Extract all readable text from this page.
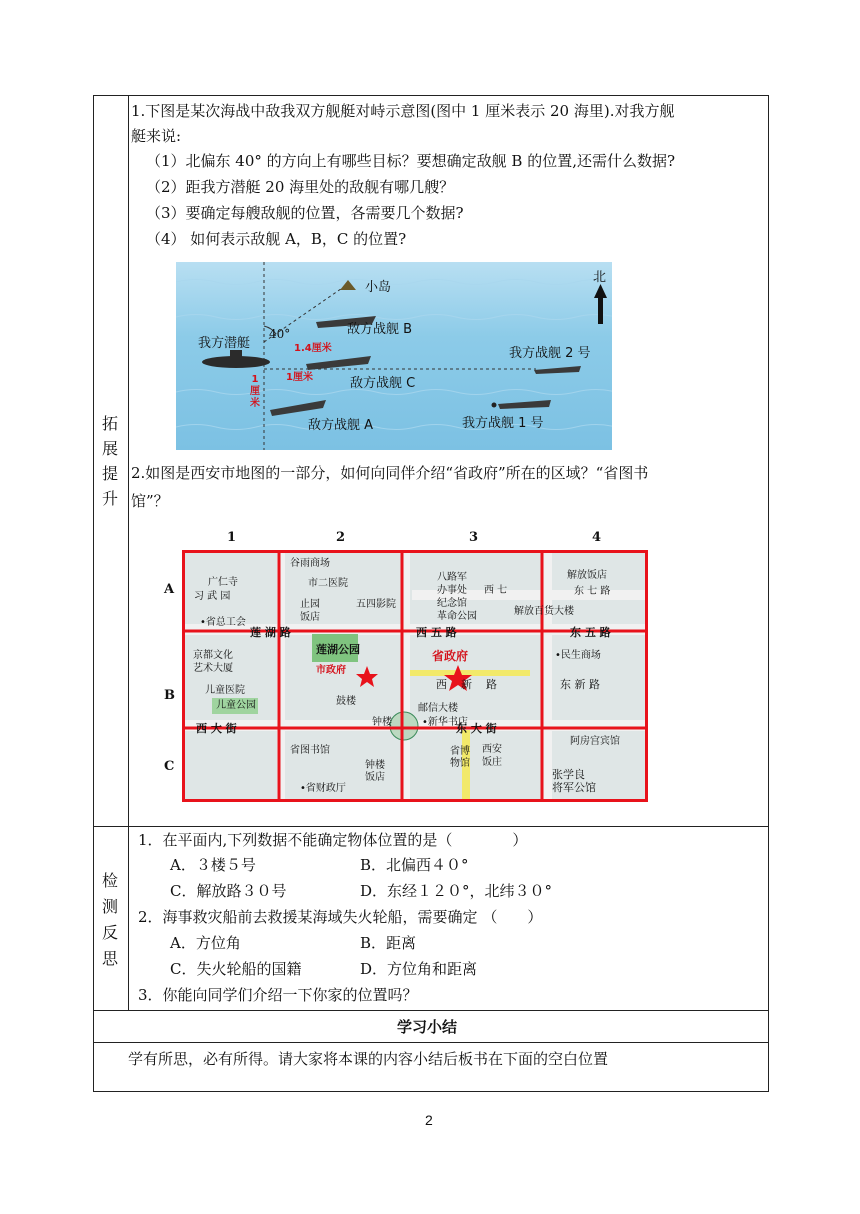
拓
展
提
升
1.下图是某次海战中敌我双方舰艇对峙示意图(图中 1 厘米表示 20 海里).对我方舰
艇来说:
（1）北偏东 40° 的方向上有哪些目标？要想确定敌舰 B 的位置,还需什么数据?
（2）距我方潜艇 20 海里处的敌舰有哪几艘？
（3）要确定每艘敌舰的位置，各需要几个数据?
（4） 如何表示敌舰 A，B，C 的位置?
北
小岛
40°
1.4厘米
1厘米
1
厘
米
我方潜艇
敌方战舰 B
敌方战舰 C
敌方战舰 A
我方战舰 2 号
我方战舰 1 号
2.如图是西安市地图的一部分，如何向同伴介绍“省政府”所在的区域？“省图书
馆”？
1	2	3	4
A
B
C
广仁寺
习 武 园
•省总工会
京都文化
艺术大厦
儿童医院
儿童公园
谷雨商场
市二医院
止园
饭店
五四影院
莲湖公园
市政府
鼓楼
钟楼
省图书馆
钟楼
饭店
•省财政厅
八路军
办事处
纪念馆
革命公园
省政府
邮信大楼
•新华书店
西安
饭庄
解放饭店
西 七
解放百货大楼
东 七 路
东 五 路
•民生商场
东 新 路
阿房宫宾馆
张学良
将军公馆
西 五 路
西 大 街	东 大 街
莲 湖 路
西 新 路
省博
物馆
检
测
反
思
1．在平面内,下列数据不能确定物体位置的是（　　　　）
A．３楼５号	B．北偏西４０°
C．解放路３０号	D．东经１２０°，北纬３０°
2．海事救灾船前去救援某海域失火轮船，需要确定 （　　）
A．方位角	B．距离
C．失火轮船的国籍	D．方位角和距离
3．你能向同学们介绍一下你家的位置吗？
学习小结
学有所思，必有所得。请大家将本课的内容小结后板书在下面的空白位置
2
